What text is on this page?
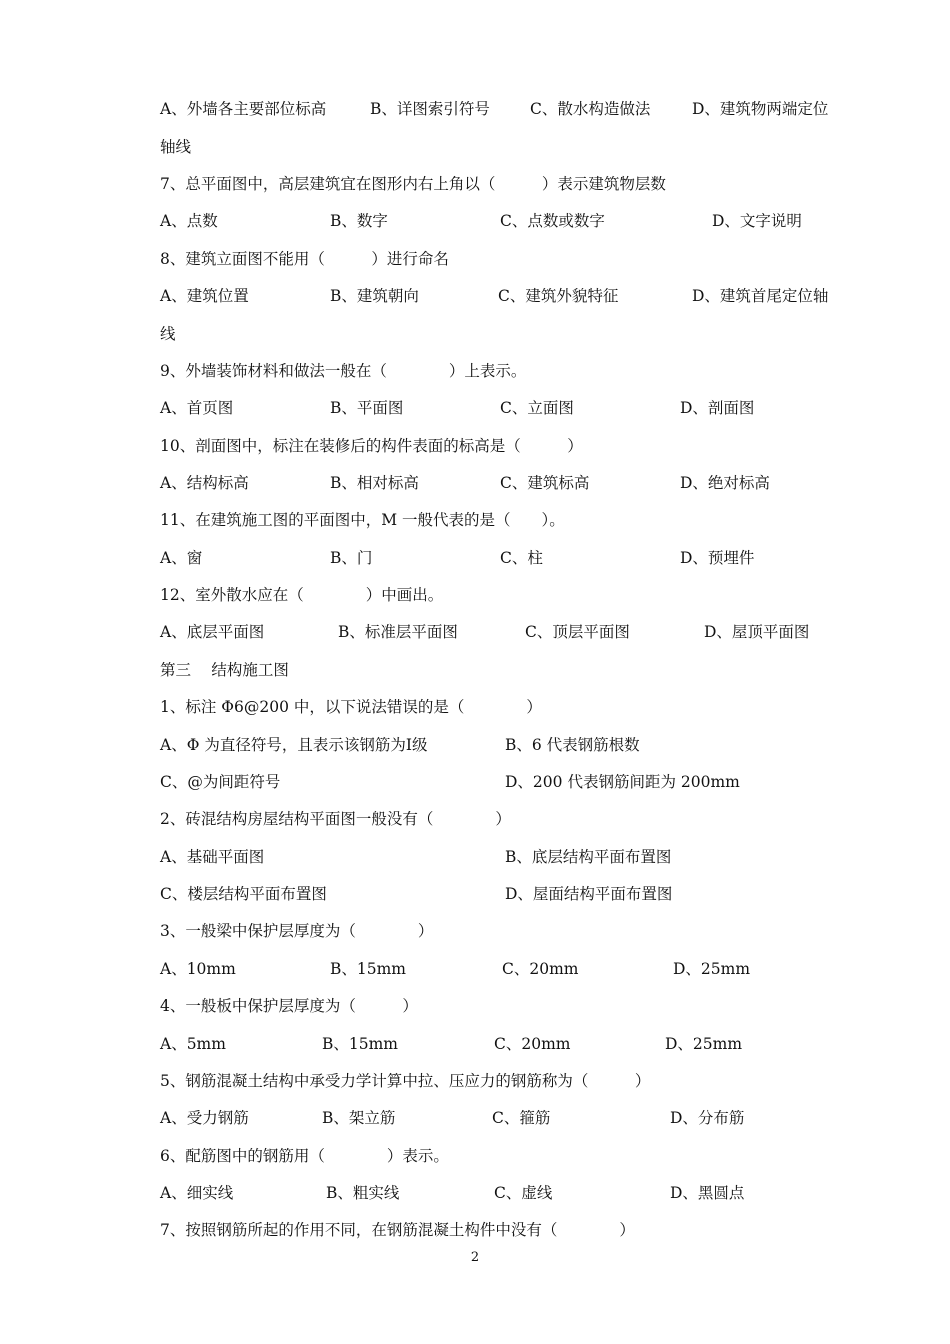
A、外墙各主要部位标高	B、详图索引符号	C、散水构造做法	D、建筑物两端定位
轴线
7、总平面图中，高层建筑宜在图形内右上角以（　　　）表示建筑物层数
A、点数	B、数字	C、点数或数字	D、文字说明
8、建筑立面图不能用（　　　）进行命名
A、建筑位置	B、建筑朝向	C、建筑外貌特征	D、建筑首尾定位轴
线
9、外墙装饰材料和做法一般在（　　　　）上表示。
A、首页图	B、平面图	C、立面图	D、剖面图
10、剖面图中，标注在装修后的构件表面的标高是（　　　）
A、结构标高	B、相对标高	C、建筑标高	D、绝对标高
11、在建筑施工图的平面图中，M 一般代表的是（　　）。
A、窗	B、门	C、柱	D、预埋件
12、室外散水应在（　　　　）中画出。
A、底层平面图	B、标准层平面图	C、顶层平面图	D、屋顶平面图
第三　 结构施工图
1、标注 Φ6@200 中，以下说法错误的是（　　　　）
A、Φ 为直径符号，且表示该钢筋为Ⅰ级	B、6 代表钢筋根数
C、@为间距符号	D、200 代表钢筋间距为 200mm
2、砖混结构房屋结构平面图一般没有（　　　　）
A、基础平面图	B、底层结构平面布置图
C、楼层结构平面布置图	D、屋面结构平面布置图
3、一般梁中保护层厚度为（　　　　）
A、10mm	B、15mm	C、20mm	D、25mm
4、一般板中保护层厚度为（　　　）
A、5mm	B、15mm	C、20mm	D、25mm
5、钢筋混凝土结构中承受力学计算中拉、压应力的钢筋称为（　　　）
A、受力钢筋	B、架立筋	C、箍筋	D、分布筋
6、配筋图中的钢筋用（　　　　）表示。
A、细实线	B、粗实线	C、虚线	D、黑圆点
7、按照钢筋所起的作用不同，在钢筋混凝土构件中没有（　　　　）
2
